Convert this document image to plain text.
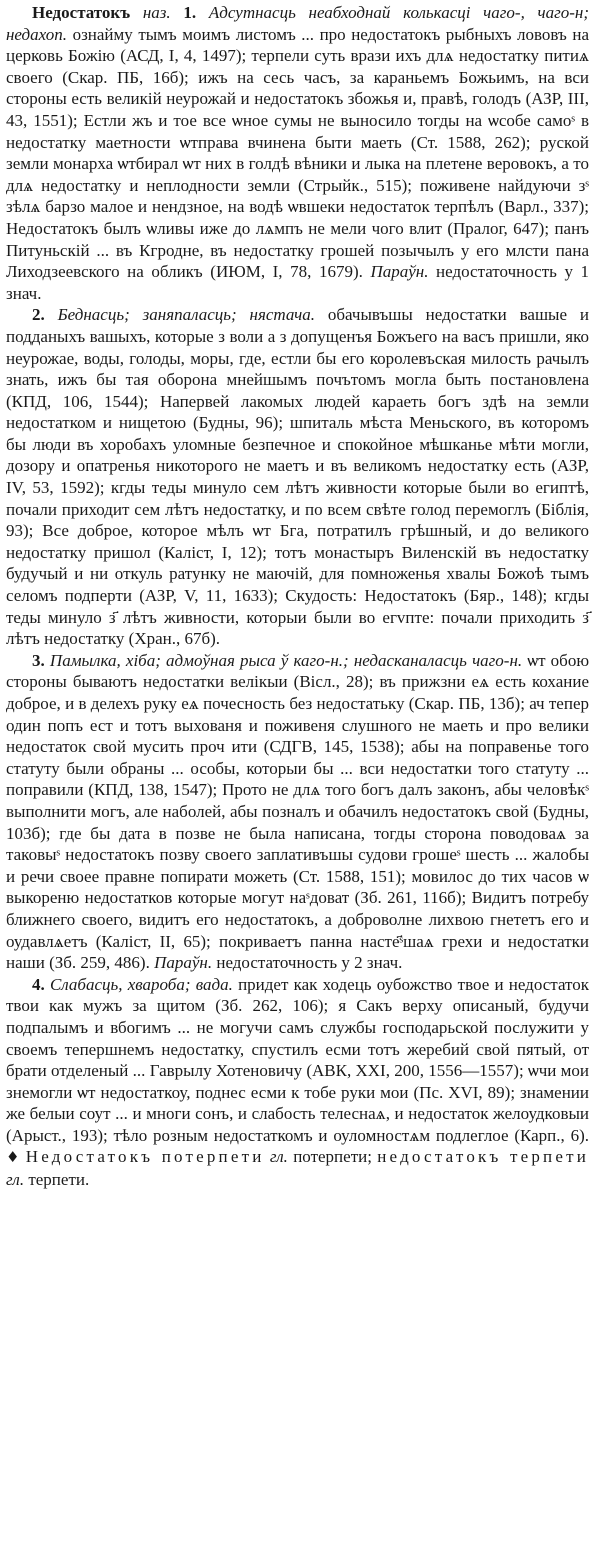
Недостатокъ наз. 1. Адсутнасць неабходнай колькасці чаго-, чаго-н; недахоп. ознайму тымъ моимъ листомъ ... про недостатокъ рыбныхъ лововъ на церковь Божію (АСД, I, 4, 1497); терпели суть врази ихъ длѧ недостатку питиѧ своего (Скар. ПБ, 16б); ижъ на сесь часъ, за караньемъ Божьимъ, на вси стороны есть великій неурожай и недостатокъ збожья и, правѣ, голодъ (АЗР, III, 43, 1551); Естли жъ и тое все ѡное сумы не выносило тогды на ѡсобе само​ˢ в недостатку маетности ѡтправа вчинена быти маеть (Ст. 1588, 262); руской земли монарха ѡтбирал ѡт них в голдѣ вѣники и лыка на плетене веровокъ, а то длѧ недостатку и неплодности земли (Стрыйк., 515); поживене найдуючи зˢ зѣлѧ барзо малое и нендзное, на водѣ ѡвшеки недостаток терпѣлъ (Варл., 337); Недостатокъ былъ ѡливы иже до лѧмпъ не мели чого влит (Пралог, 647); панъ Питуньскій ... въ Кгродне, въ недостатку грошей позычылъ у его млсти пана Лиходзеевского на обликъ (ИЮМ, I, 78, 1679). Параўн. недостаточность у 1 знач.

2. Беднасць; заняпаласць; нястача. обачывъшы недостатки вашые и подданыхъ вашыхъ, которые з воли а з допущенъя Божъего на васъ пришли, яко неурожае, воды, голоды, моры, где, естли бы его королевъская милость рачылъ знать, ижъ бы тая оборона мнейшымъ почътомъ могла быть постановлена (КПД, 106, 1544); Напервей лакомых людей караеть богъ здѣ на земли недостатком и нищетою (Будны, 96); шпиталь мѣста Меньского, въ которомъ бы люди въ хоробахъ уломные безпечное и спокойное мѣшканье мѣти могли, дозору и опатренья никоторого не маетъ и въ великомъ недостатку есть (АЗР, IV, 53, 1592); кгды теды минуло сем лѣтъ живности которые были во египтѣ, почали приходит сем лѣтъ недостатку, и по всем свѣте голод перемоглъ (Біблія, 93); Все доброе, которое мѣлъ ѡт Бга, потратилъ грѣшный, и до великого недостатку пришол (Каліст, I, 12); тотъ монастыръ Виленскій въ недостатку будучый и ни откуль ратунку не маючій, для помноженья хвалы Божоѣ тымъ селомъ подперти (АЗР, V, 11, 1633); Скудость: Недостатокъ (Бяр., 148); кгды теды минуло з҃ лѣтъ живности, которыи были во егvпте: почали приходить з҃ лѣтъ недостатку (Хран., 67б).

3. Памылка, хіба; адмоўная рыса ў каго-н.; недасканаласць чаго-н. ѡт обою стороны бываютъ недостатки велікыи (Вісл., 28); въ прижзни еѧ есть кохание доброе, и в делехъ руку еѧ почесность без недостатьку (Скар. ПБ, 13б); ач тепер один попъ ест и тотъ выхованя и поживеня слушного не маеть и про велики недостаток свой мусить проч ити (СДГВ, 145, 1538); абы на поправенье того статуту были обраны ... особы, которыи бы ... вси недостатки того статуту ... поправили (КПД, 138, 1547); Прото не длѧ того богъ далъ законъ, абы человѣкˢ выполнити могъ, але наболей, абы позналъ и обачилъ недостатокъ свой (Будны, 103б); где бы дата в позве не была написана, тогды сторона поводоваѧ за таковыˢ недостатокъ позву своего заплативъшы судови грошеˢ шесть ... жалобы и речи своее правне попирати можеть (Ст. 1588, 151); мовилос до тих часов ѡ выкореню недостатков которые могут наˢдоват (Зб. 261, 116б); Видитъ потребу ближнего своего, видитъ его недостатокъ, а доброволне лихвою гнететъ его и оудавлѧетъ (Каліст, II, 65); покриваетъ панна насте҃ˢшаѧ грехи и недостатки наши (Зб. 259, 486). Параўн. недостаточность у 2 знач.

4. Слабасць, хвароба; вада. придет как ходець оубожство твое и недостаток твои как мужъ за щитом (Зб. 262, 106); я Сакъ верху описаный, будучи подпалымъ и вбогимъ ... не могучи самъ службы господарьской послужити у своемъ тепершнемъ недостатку, спустилъ есми тотъ жеребий свой пятый, от брати отделеный ... Гаврылу Хотеновичу (АВК, XXI, 200, 1556—1557); ѡчи мои знемогли ѡт недостаткоу, поднес есми к тобе руки мои (Пс. XVI, 89); знамении же белыи соут ... и многи сонъ, и слабость телеснаѧ, и недостаток желоудковыи (Арыст., 193); тѣло розным недостаткомъ и оуломностѧм подлеглое (Карп., 6). ♦ Недостатокъ потерпети гл. потерпети; недостатокъ терпети гл. терпети.
